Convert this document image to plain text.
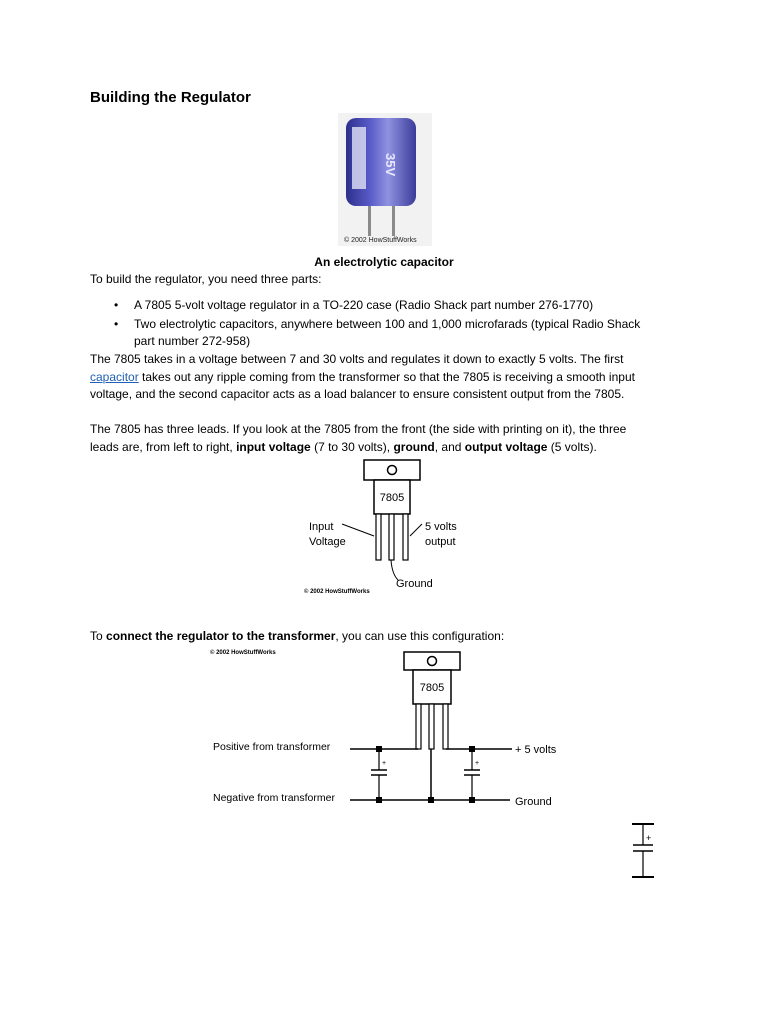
Building the Regulator
35V
© 2002 HowStuffWorks
An electrolytic capacitor
To build the regulator, you need three parts:
• A 7805 5-volt voltage regulator in a TO-220 case (Radio Shack part number 276-1770)
• Two electrolytic capacitors, anywhere between 100 and 1,000 microfarads (typical Radio Shack part number 272-958)
The 7805 takes in a voltage between 7 and 30 volts and regulates it down to exactly 5 volts. The first capacitor takes out any ripple coming from the transformer so that the 7805 is receiving a smooth input voltage, and the second capacitor acts as a load balancer to ensure consistent output from the 7805.
The 7805 has three leads. If you look at the 7805 from the front (the side with printing on it), the three leads are, from left to right, input voltage (7 to 30 volts), ground, and output voltage (5 volts).
7805
Input
Voltage
5 volts
output
Ground
© 2002 HowStuffWorks
To connect the regulator to the transformer, you can use this configuration:
© 2002 HowStuffWorks
7805
+	+
Positive from transformer
Negative from transformer
+ 5 volts
Ground
+
